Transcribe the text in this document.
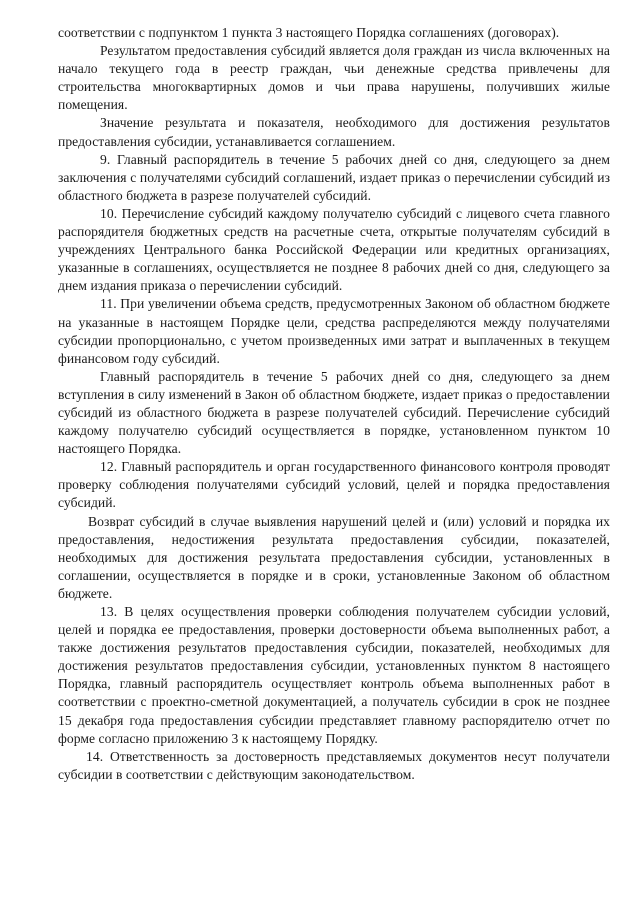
соответствии с подпунктом 1 пункта 3 настоящего Порядка соглашениях (договорах).

Результатом предоставления субсидий является доля граждан из числа включенных на начало текущего года в реестр граждан, чьи денежные средства привлечены для строительства многоквартирных домов и чьи права нарушены, получивших жилые помещения.

Значение результата и показателя, необходимого для достижения результатов предоставления субсидии, устанавливается соглашением.

9. Главный распорядитель в течение 5 рабочих дней со дня, следующего за днем заключения с получателями субсидий соглашений, издает приказ о перечислении субсидий из областного бюджета в разрезе получателей субсидий.

10. Перечисление субсидий каждому получателю субсидий с лицевого счета главного распорядителя бюджетных средств на расчетные счета, открытые получателям субсидий в учреждениях Центрального банка Российской Федерации или кредитных организациях, указанные в соглашениях, осуществляется не позднее 8 рабочих дней со дня, следующего за днем издания приказа о перечислении субсидий.

11. При увеличении объема средств, предусмотренных Законом об областном бюджете на указанные в настоящем Порядке цели, средства распределяются между получателями субсидии пропорционально, с учетом произведенных ими затрат и выплаченных в текущем финансовом году субсидий.

Главный распорядитель в течение 5 рабочих дней со дня, следующего за днем вступления в силу изменений в Закон об областном бюджете, издает приказ о предоставлении субсидий из областного бюджета в разрезе получателей субсидий. Перечисление субсидий каждому получателю субсидий осуществляется в порядке, установленном пунктом 10 настоящего Порядка.

12. Главный распорядитель и орган государственного финансового контроля проводят проверку соблюдения получателями субсидий условий, целей и порядка предоставления субсидий.

Возврат субсидий в случае выявления нарушений целей и (или) условий и порядка их предоставления, недостижения результата предоставления субсидии, показателей, необходимых для достижения результата предоставления субсидии, установленных в соглашении, осуществляется в порядке и в сроки, установленные Законом об областном бюджете.

13. В целях осуществления проверки соблюдения получателем субсидии условий, целей и порядка ее предоставления, проверки достоверности объема выполненных работ, а также достижения результатов предоставления субсидии, показателей, необходимых для достижения результатов предоставления субсидии, установленных пунктом 8 настоящего Порядка, главный распорядитель осуществляет контроль объема выполненных работ в соответствии с проектно-сметной документацией, а получатель субсидии в срок не позднее 15 декабря года предоставления субсидии представляет главному распорядителю отчет по форме согласно приложению 3 к настоящему Порядку.

14. Ответственность за достоверность представляемых документов несут получатели субсидии в соответствии с действующим законодательством.
